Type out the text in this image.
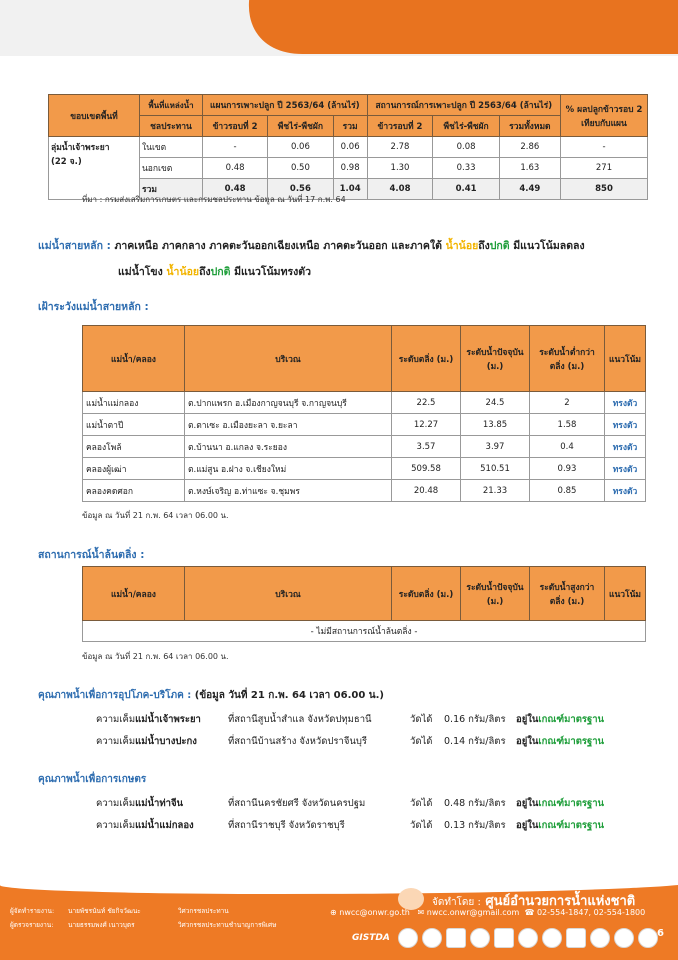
ขอบเขตพื้นที่	พื้นที่แหล่งน้ำ	แผนการเพาะปลูก ปี 2563/64 (ล้านไร่)			สถานการณ์การเพาะปลูก ปี 2563/64 (ล้านไร่)			% ผลปลูกข้าวรอบ 2 เทียบกับแผน
	ชลประทาน	ข้าวรอบที่ 2	พืชไร่-พืชผัก	รวม	ข้าวรอบที่ 2	พืชไร่-พืชผัก	รวมทั้งหมด	
ลุ่มน้ำเจ้าพระยา
(22 จ.)	ในเขต	-	0.06	0.06	2.78	0.08	2.86	-
	นอกเขต	0.48	0.50	0.98	1.30	0.33	1.63	271
	รวม	0.48	0.56	1.04	4.08	0.41	4.49	850
ที่มา : กรมส่งเสริมการเกษตร และกรมชลประทาน ข้อมูล ณ วันที่ 17 ก.พ. 64
แม่น้ำสายหลัก : ภาคเหนือ ภาคกลาง ภาคตะวันออกเฉียงเหนือ ภาคตะวันออก และภาคใต้ น้ำน้อยถึงปกติ มีแนวโน้มลดลง
แม่น้ำโขง น้ำน้อยถึงปกติ มีแนวโน้มทรงตัว
เฝ้าระวังแม่น้ำสายหลัก :
แม่น้ำ/คลอง	บริเวณ	ระดับตลิ่ง (ม.)	ระดับน้ำปัจจุบัน (ม.)	ระดับน้ำต่ำกว่าตลิ่ง (ม.)	แนวโน้ม
แม่น้ำแม่กลอง	ต.ปากแพรก อ.เมืองกาญจนบุรี จ.กาญจนบุรี	22.5	24.5	2	ทรงตัว
แม่น้ำตาปี	ต.ตาเซะ อ.เมืองยะลา จ.ยะลา	12.27	13.85	1.58	ทรงตัว
คลองโพล้	ต.บ้านนา อ.แกลง จ.ระยอง	3.57	3.97	0.4	ทรงตัว
คลองผู้เฒ่า	ต.แม่สูน อ.ฝาง จ.เชียงใหม่	509.58	510.51	0.93	ทรงตัว
คลองคดศอก	ต.หงษ์เจริญ อ.ท่าแซะ จ.ชุมพร	20.48	21.33	0.85	ทรงตัว
ข้อมูล ณ วันที่ 21 ก.พ. 64 เวลา 06.00 น.
สถานการณ์น้ำล้นตลิ่ง :
แม่น้ำ/คลอง	บริเวณ	ระดับตลิ่ง (ม.)	ระดับน้ำปัจจุบัน (ม.)	ระดับน้ำสูงกว่าตลิ่ง (ม.)	แนวโน้ม
- ไม่มีสถานการณ์น้ำล้นตลิ่ง -
ข้อมูล ณ วันที่ 21 ก.พ. 64 เวลา 06.00 น.
คุณภาพน้ำเพื่อการอุปโภค-บริโภค : (ข้อมูล วันที่ 21 ก.พ. 64 เวลา 06.00 น.)
ความเค็มแม่น้ำเจ้าพระยา	ที่สถานีสูบน้ำสำแล จังหวัดปทุมธานี	วัดได้ 0.16 กรัม/ลิตร อยู่ในเกณฑ์มาตรฐาน
ความเค็มแม่น้ำบางปะกง	ที่สถานีบ้านสร้าง จังหวัดปราจีนบุรี	วัดได้ 0.14 กรัม/ลิตร อยู่ในเกณฑ์มาตรฐาน
คุณภาพน้ำเพื่อการเกษตร
ความเค็มแม่น้ำท่าจีน	ที่สถานีนครชัยศรี จังหวัดนครปฐม	วัดได้ 0.48 กรัม/ลิตร อยู่ในเกณฑ์มาตรฐาน
ความเค็มแม่น้ำแม่กลอง	ที่สถานีราชบุรี จังหวัดราชบุรี	วัดได้ 0.13 กรัม/ลิตร อยู่ในเกณฑ์มาตรฐาน
ผู้จัดทำรายงาน: นายพัชรนันท์ ชัยกิจวัฒนะ	วิศวกรชลประทาน
ผู้ตรวจรายงาน: นายธรรมพงศ์ เนาวบุตร	วิศวกรชลประทานชำนาญการพิเศษ
จัดทำโดย : ศูนย์อำนวยการน้ำแห่งชาติ
⊕ nwcc@onwr.go.th ✉ nwcc.onwr@gmail.com ☎ 02-554-1847, 02-554-1800
GISTDA	6
